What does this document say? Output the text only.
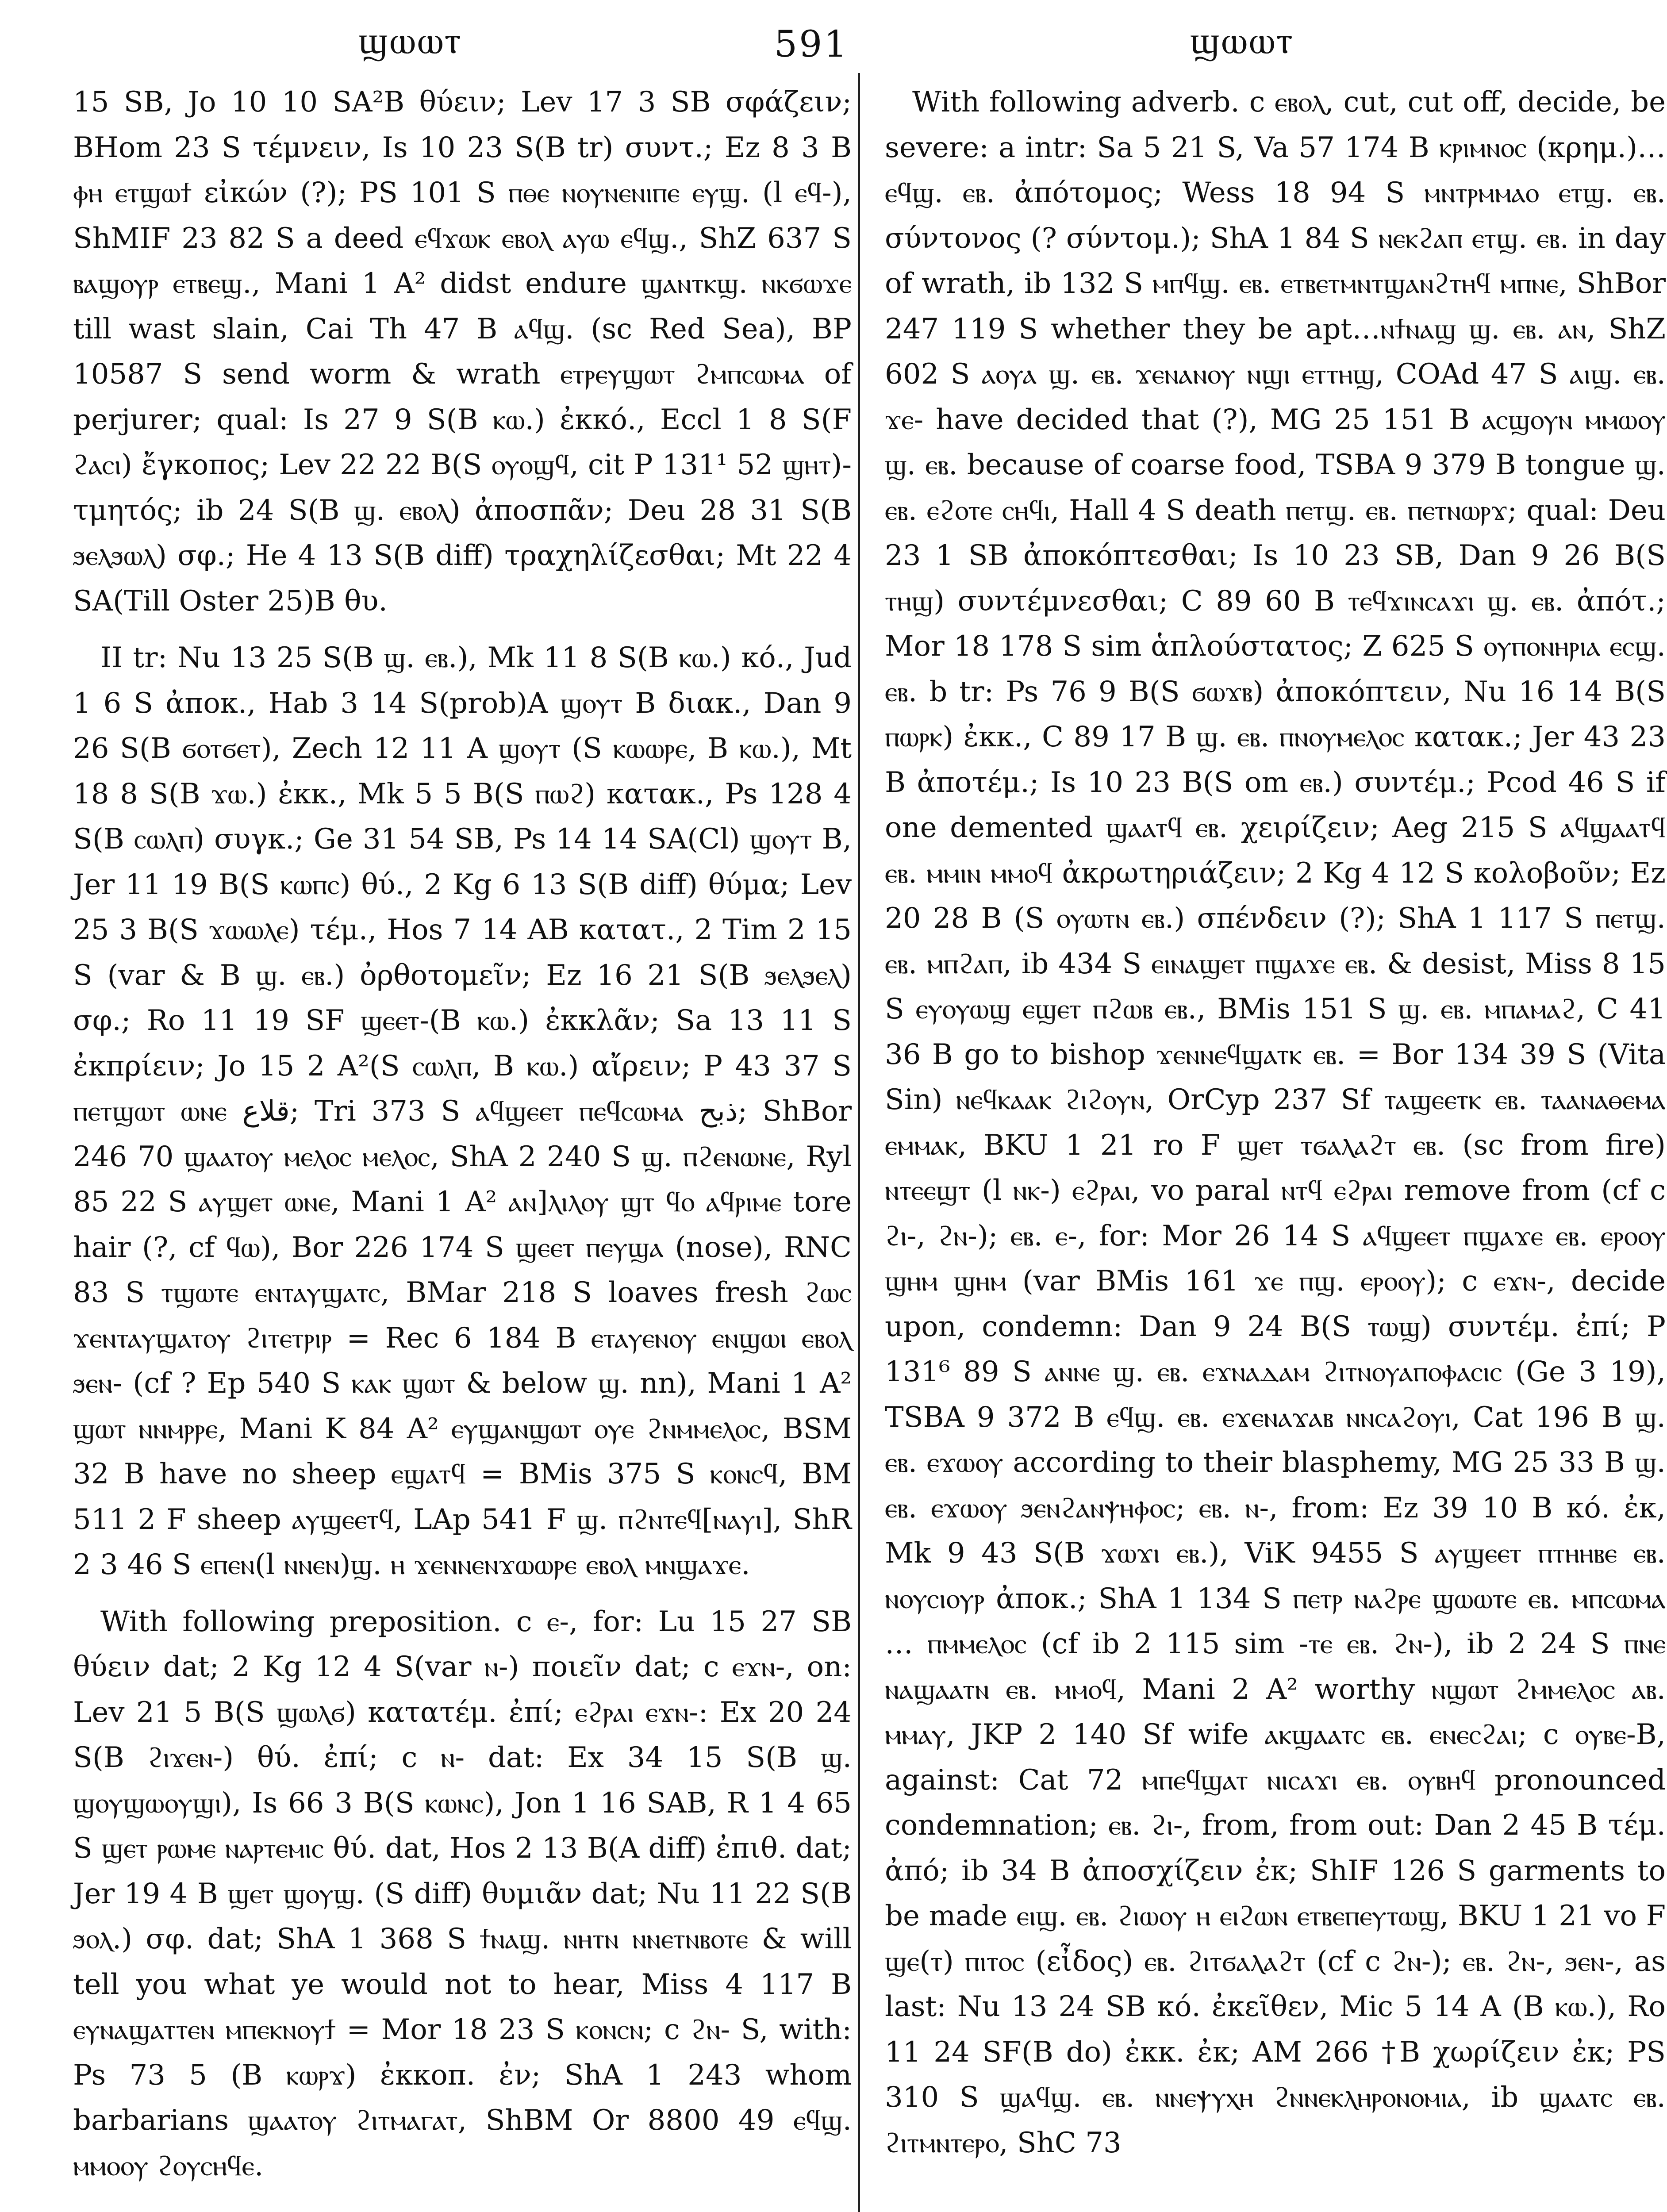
ϣⲱⲱⲧ	591	ϣⲱⲱⲧ

15 SB, Jo 10 10 SA²B θύειν; Lev 17 3 SB σφάζειν; BHom 23 S τέμνειν, Is 10 23 S(B tr) συντ.; Ez 8 3 B ⲫⲏ ⲉⲧϣⲱϯ εἰκών (?); PS 101 S ⲡⲑⲉ ⲛⲟⲩⲛⲉⲛⲓⲡⲉ ⲉⲩϣ. (l ⲉϥ-), ShMIF 23 82 S a deed ⲉϥϫⲱⲕ ⲉⲃⲟⲗ ⲁⲩⲱ ⲉϥϣ., ShZ 637 S ⲃⲁϣⲟⲩⲣ ⲉⲧⲃⲉϣ., Mani 1 A² didst endure ϣⲁⲛⲧⲕϣ. ⲛⲕϭⲱϫⲉ till wast slain, Cai Th 47 B ⲁϥϣ. (sc Red Sea), BP 10587 S send worm & wrath ⲉⲧⲣⲉⲩϣⲱⲧ ϩⲙⲡⲥⲱⲙⲁ of perjurer; qual: Is 27 9 S(B ⲕⲱ.) ἐκκό., Eccl 1 8 S(F ϩⲁⲥⲓ) ἔγκοπος; Lev 22 22 B(S ⲟⲩⲟϣϥ, cit P 131¹ 52 ϣⲏⲧ)-τμητός; ib 24 S(B ϣ. ⲉⲃⲟⲗ) ἀποσπᾶν; Deu 28 31 S(B ϧⲉⲗϧⲱⲗ) σφ.; He 4 13 S(B diff) τραχηλίζεσθαι; Mt 22 4 SA(Till Oster 25)B θυ.

II tr: Nu 13 25 S(B ϣ. ⲉⲃ.), Mk 11 8 S(B ⲕⲱ.) κό., Jud 1 6 S ἀποκ., Hab 3 14 S(prob)A ϣⲟⲩⲧ B διακ., Dan 9 26 S(B ϭⲟⲧϭⲉⲧ), Zech 12 11 A ϣⲟⲩⲧ (S ⲕⲱⲱⲣⲉ, B ⲕⲱ.), Mt 18 8 S(B ϫⲱ.) ἐκκ., Mk 5 5 B(S ⲡⲱϩ) κατακ., Ps 128 4 S(B ⲥⲱⲗⲡ) συγκ.; Ge 31 54 SB, Ps 14 14 SA(Cl) ϣⲟⲩⲧ B, Jer 11 19 B(S ⲕⲱⲡⲥ) θύ., 2 Kg 6 13 S(B diff) θύμα; Lev 25 3 B(S ϫⲱⲱⲗⲉ) τέμ., Hos 7 14 AB κατατ., 2 Tim 2 15 S (var & B ϣ. ⲉⲃ.) ὀρθοτομεῖν; Ez 16 21 S(B ϧⲉⲗϧⲉⲗ) σφ.; Ro 11 19 SF ϣⲉⲉⲧ-(B ⲕⲱ.) ἐκκλᾶν; Sa 13 11 S ἐκπρίειν; Jo 15 2 A²(S ⲥⲱⲗⲡ, B ⲕⲱ.) αἴρειν; P 43 37 S ⲡⲉⲧϣⲱⲧ ⲱⲛⲉ قلاع; Tri 373 S ⲁϥϣⲉⲉⲧ ⲡⲉϥⲥⲱⲙⲁ ذبح; ShBor 246 70 ϣⲁⲁⲧⲟⲩ ⲙⲉⲗⲟⲥ ⲙⲉⲗⲟⲥ, ShA 2 240 S ϣ. ⲡϩⲉⲛⲱⲛⲉ, Ryl 85 22 S ⲁⲩϣⲉⲧ ⲱⲛⲉ, Mani 1 A² ⲁⲛ]ⲗⲓⲗⲟⲩ ϣⲧ ϥⲟ ⲁϥⲣⲓⲙⲉ tore hair (?, cf ϥⲱ), Bor 226 174 S ϣⲉⲉⲧ ⲡⲉⲩϣⲁ (nose), RNC 83 S ⲧϣⲱⲧⲉ ⲉⲛⲧⲁⲩϣⲁⲧⲥ, BMar 218 S loaves fresh ϩⲱⲥ ϫⲉⲛⲧⲁⲩϣⲁⲧⲟⲩ ϩⲓⲧⲉⲧⲣⲓⲣ = Rec 6 184 B ⲉⲧⲁⲩⲉⲛⲟⲩ ⲉⲛϣⲱⲓ ⲉⲃⲟⲗ ϧⲉⲛ- (cf ? Ep 540 S ⲕⲁⲕ ϣⲱⲧ & below ϣ. nn), Mani 1 A² ϣⲱⲧ ⲛⲛⲙⲣⲣⲉ, Mani K 84 A² ⲉⲩϣⲁⲛϣⲱⲧ ⲟⲩⲉ ϩⲛⲙⲙⲉⲗⲟⲥ, BSM 32 B have no sheep ⲉϣⲁⲧϥ = BMis 375 S ⲕⲟⲛⲥϥ, BM 511 2 F sheep ⲁⲩϣⲉⲉⲧϥ, LAp 541 F ϣ. ⲡϩⲛⲧⲉϥ[ⲛⲁⲩⲓ], ShR 2 3 46 S ⲉⲡⲉⲛ(l ⲛⲛⲉⲛ)ϣ. ⲏ ϫⲉⲛⲛⲉⲛϫⲱⲱⲣⲉ ⲉⲃⲟⲗ ⲙⲛϣⲁϫⲉ.

With following preposition. c ⲉ-, for: Lu 15 27 SB θύειν dat; 2 Kg 12 4 S(var ⲛ-) ποιεῖν dat; c ⲉϫⲛ-, on: Lev 21 5 B(S ϣⲱⲗϭ) κατατέμ. ἐπί; ⲉϩⲣⲁⲓ ⲉϫⲛ-: Ex 20 24 S(B ϩⲓϫⲉⲛ-) θύ. ἐπί; c ⲛ- dat: Ex 34 15 S(B ϣ. ϣⲟⲩϣⲱⲟⲩϣⲓ), Is 66 3 B(S ⲕⲱⲛⲥ), Jon 1 16 SAB, R 1 4 65 S ϣⲉⲧ ⲣⲱⲙⲉ ⲛⲁⲣⲧⲉⲙⲓⲥ θύ. dat, Hos 2 13 B(A diff) ἐπιθ. dat; Jer 19 4 B ϣⲉⲧ ϣⲟⲩϣ. (S diff) θυμιᾶν dat; Nu 11 22 S(B ϧⲟⲗ.) σφ. dat; ShA 1 368 S ϯⲛⲁϣ. ⲛⲏⲧⲛ ⲛⲛⲉⲧⲛⲃⲟⲧⲉ & will tell you what ye would not to hear, Miss 4 117 B ⲉⲩⲛⲁϣⲁⲧⲧⲉⲛ ⲙⲡⲉⲕⲛⲟⲩϯ = Mor 18 23 S ⲕⲟⲛⲥⲛ; c ϩⲛ- S, with: Ps 73 5 (B ⲕⲱⲣϫ) ἐκκοπ. ἐν; ShA 1 243 whom barbarians ϣⲁⲁⲧⲟⲩ ϩⲓⲧⲙⲁⲅⲁⲧ, ShBM Or 8800 49 ⲉϥϣ. ⲙⲙⲟⲟⲩ ϩⲟⲩⲥⲏϥⲉ.

With following adverb. c ⲉⲃⲟⲗ, cut, cut off, decide, be severe: a intr: Sa 5 21 S, Va 57 174 B ⲕⲣⲓⲙⲛⲟⲥ (κρημ.)…ⲉϥϣ. ⲉⲃ. ἀπότομος; Wess 18 94 S ⲙⲛⲧⲣⲙⲙⲁⲟ ⲉⲧϣ. ⲉⲃ. σύντονος (? σύντομ.); ShA 1 84 S ⲛⲉⲕϩⲁⲡ ⲉⲧϣ. ⲉⲃ. in day of wrath, ib 132 S ⲙⲡϥϣ. ⲉⲃ. ⲉⲧⲃⲉⲧⲙⲛⲧϣⲁⲛϩⲧⲏϥ ⲙⲡⲛⲉ, ShBor 247 119 S whether they be apt…ⲛϯⲛⲁϣ ϣ. ⲉⲃ. ⲁⲛ, ShZ 602 S ⲁⲟⲩⲁ ϣ. ⲉⲃ. ϫⲉⲛⲁⲛⲟⲩ ⲛϣⲓ ⲉⲧⲧⲏϣ, COAd 47 S ⲁⲓϣ. ⲉⲃ. ϫⲉ- have decided that (?), MG 25 151 B ⲁⲥϣⲟⲩⲛ ⲙⲙⲱⲟⲩ ϣ. ⲉⲃ. because of coarse food, TSBA 9 379 B tongue ϣ. ⲉⲃ. ⲉϩⲟⲧⲉ ⲥⲏϥⲓ, Hall 4 S death ⲡⲉⲧϣ. ⲉⲃ. ⲡⲉⲧⲛⲱⲣϫ; qual: Deu 23 1 SB ἀποκόπτεσθαι; Is 10 23 SB, Dan 9 26 B(S ⲧⲏϣ) συντέμνεσθαι; C 89 60 B ⲧⲉϥϫⲓⲛⲥⲁϫⲓ ϣ. ⲉⲃ. ἀπότ.; Mor 18 178 S sim ἁπλούστατος; Z 625 S ⲟⲩⲡⲟⲛⲏⲣⲓⲁ ⲉⲥϣ. ⲉⲃ. b tr: Ps 76 9 B(S ϭⲱϫⲃ) ἀποκόπτειν, Nu 16 14 B(S ⲡⲱⲣⲕ) ἐκκ., C 89 17 B ϣ. ⲉⲃ. ⲡⲛⲟⲩⲙⲉⲗⲟⲥ κατακ.; Jer 43 23 B ἀποτέμ.; Is 10 23 B(S om ⲉⲃ.) συντέμ.; Pcod 46 S if one demented ϣⲁⲁⲧϥ ⲉⲃ. χειρίζειν; Aeg 215 S ⲁϥϣⲁⲁⲧϥ ⲉⲃ. ⲙⲙⲓⲛ ⲙⲙⲟϥ ἀκρωτηριάζειν; 2 Kg 4 12 S κολοβοῦν; Ez 20 28 B (S ⲟⲩⲱⲧⲛ ⲉⲃ.) σπένδειν (?); ShA 1 117 S ⲡⲉⲧϣ. ⲉⲃ. ⲙⲡϩⲁⲡ, ib 434 S ⲉⲓⲛⲁϣⲉⲧ ⲡϣⲁϫⲉ ⲉⲃ. & desist, Miss 8 15 S ⲉⲩⲟⲩⲱϣ ⲉϣⲉⲧ ⲡϩⲱⲃ ⲉⲃ., BMis 151 S ϣ. ⲉⲃ. ⲙⲡⲁⲙⲁϩ, C 41 36 B go to bishop ϫⲉⲛⲛⲉϥϣⲁⲧⲕ ⲉⲃ. = Bor 134 39 S (Vita Sin) ⲛⲉϥⲕⲁⲁⲕ ϩⲓϩⲟⲩⲛ, OrCyp 237 Sf ⲧⲁϣⲉⲉⲧⲕ ⲉⲃ. ⲧⲁⲁⲛⲁⲑⲉⲙⲁ ⲉⲙⲙⲁⲕ, BKU 1 21 ro F ϣⲉⲧ ⲧϭⲁⲗⲁϩⲧ ⲉⲃ. (sc from fire) ⲛⲧⲉⲉϣⲧ (l ⲛⲕ-) ⲉϩⲣⲁⲓ, vo paral ⲛⲧϥ ⲉϩⲣⲁⲓ remove from (cf c ϩⲓ-, ϩⲛ-); ⲉⲃ. ⲉ-, for: Mor 26 14 S ⲁϥϣⲉⲉⲧ ⲡϣⲁϫⲉ ⲉⲃ. ⲉⲣⲟⲟⲩ ϣⲏⲙ ϣⲏⲙ (var BMis 161 ϫⲉ ⲡϣ. ⲉⲣⲟⲟⲩ); c ⲉϫⲛ-, decide upon, condemn: Dan 9 24 B(S ⲧⲱϣ) συντέμ. ἐπί; P 131⁶ 89 S ⲁⲛⲛⲉ ϣ. ⲉⲃ. ⲉϫⲛⲁⲇⲁⲙ ϩⲓⲧⲛⲟⲩⲁⲡⲟⲫⲁⲥⲓⲥ (Ge 3 19), TSBA 9 372 B ⲉϥϣ. ⲉⲃ. ⲉϫⲉⲛⲁϫⲁⲃ ⲛⲛⲥⲁϩⲟⲩⲓ, Cat 196 B ϣ. ⲉⲃ. ⲉϫⲱⲟⲩ according to their blasphemy, MG 25 33 B ϣ. ⲉⲃ. ⲉϫⲱⲟⲩ ϧⲉⲛϩⲁⲛⲯⲏⲫⲟⲥ; ⲉⲃ. ⲛ-, from: Ez 39 10 B κό. ἐκ, Mk 9 43 S(B ϫⲱϫⲓ ⲉⲃ.), ViK 9455 S ⲁⲩϣⲉⲉⲧ ⲡⲧⲏⲏⲃⲉ ⲉⲃ. ⲛⲟⲩⲥⲓⲟⲩⲣ ἀποκ.; ShA 1 134 S ⲡⲉⲧⲣ ⲛⲁϩⲣⲉ ϣⲱⲱⲧⲉ ⲉⲃ. ⲙⲡⲥⲱⲙⲁ … ⲡⲙⲙⲉⲗⲟⲥ (cf ib 2 115 sim -ⲧⲉ ⲉⲃ. ϩⲛ-), ib 2 24 S ⲡⲛⲉ ⲛⲁϣⲁⲁⲧⲛ ⲉⲃ. ⲙⲙⲟϥ, Mani 2 A² worthy ⲛϣⲱⲧ ϩⲙⲙⲉⲗⲟⲥ ⲁⲃ. ⲙⲙⲁⲩ, JKP 2 140 Sf wife ⲁⲕϣⲁⲁⲧⲥ ⲉⲃ. ⲉⲛⲉⲥϩⲁⲓ; c ⲟⲩⲃⲉ-B, against: Cat 72 ⲙⲡⲉϥϣⲁⲧ ⲛⲓⲥⲁϫⲓ ⲉⲃ. ⲟⲩⲃⲏϥ pronounced condemnation; ⲉⲃ. ϩⲓ-, from, from out: Dan 2 45 B τέμ. ἀπό; ib 34 B ἀποσχίζειν ἐκ; ShIF 126 S garments to be made ⲉⲓϣ. ⲉⲃ. ϩⲓⲱⲟⲩ ⲏ ⲉⲓϩⲱⲛ ⲉⲧⲃⲉⲡⲉⲩⲧⲱϣ, BKU 1 21 vo F ϣⲉ(ⲧ) ⲡⲓⲧⲟⲥ (εἶδος) ⲉⲃ. ϩⲓⲧϭⲁⲗⲁϩⲧ (cf c ϩⲛ-); ⲉⲃ. ϩⲛ-, ϧⲉⲛ-, as last: Nu 13 24 SB κό. ἐκεῖθεν, Mic 5 14 A (B ⲕⲱ.), Ro 11 24 SF(B do) ἐκκ. ἐκ; AM 266 †B χωρίζειν ἐκ; PS 310 S ϣⲁϥϣ. ⲉⲃ. ⲛⲛⲉⲯⲩⲭⲏ ϩⲛⲛⲉⲕⲗⲏⲣⲟⲛⲟⲙⲓⲁ, ib ϣⲁⲁⲧⲥ ⲉⲃ. ϩⲓⲧⲙⲛⲧⲉⲣⲟ, ShC 73
